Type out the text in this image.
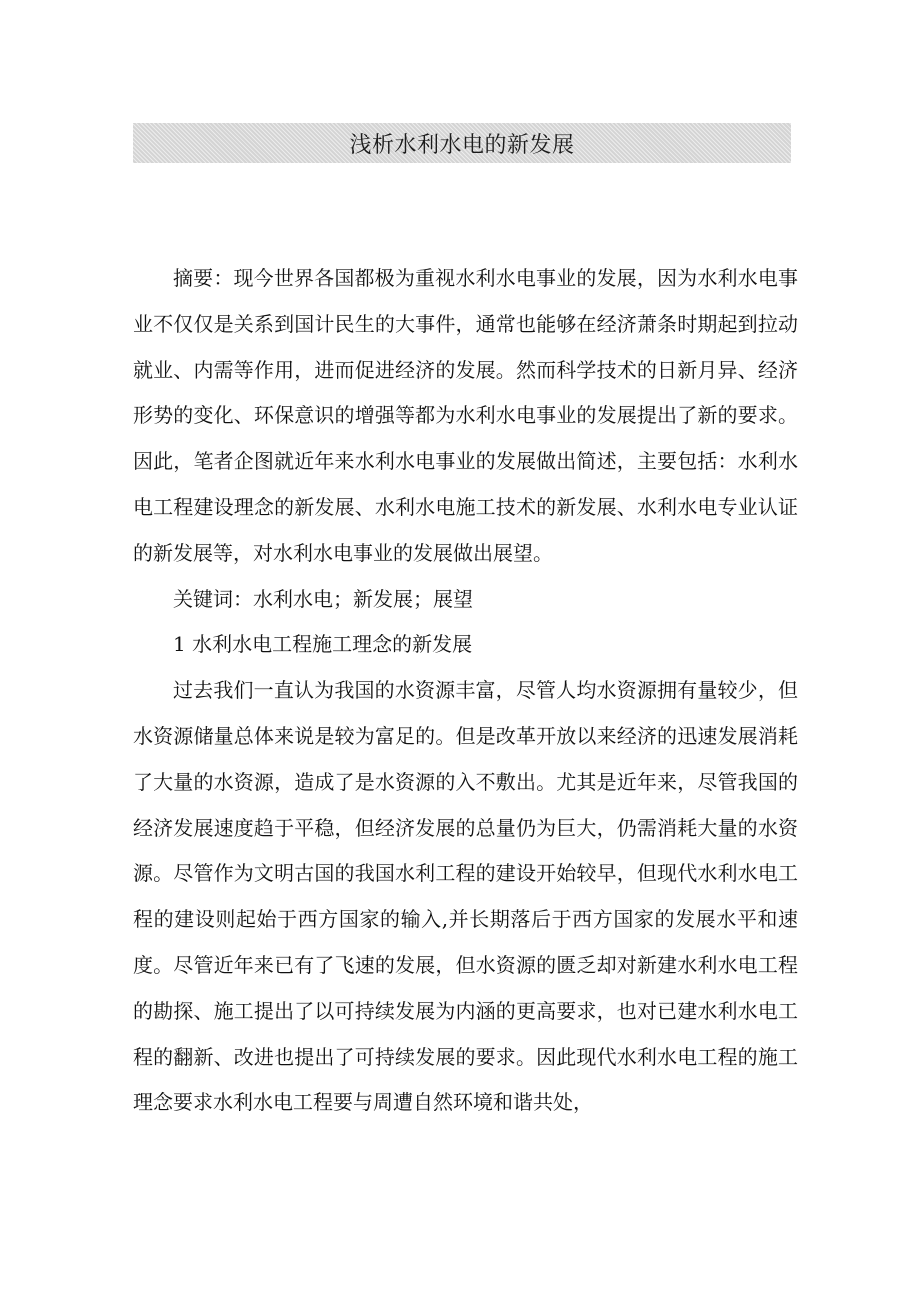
浅析水利水电的新发展

摘要：现今世界各国都极为重视水利水电事业的发展，因为水利水电事业不仅仅是关系到国计民生的大事件，通常也能够在经济萧条时期起到拉动就业、内需等作用，进而促进经济的发展。然而科学技术的日新月异、经济形势的变化、环保意识的增强等都为水利水电事业的发展提出了新的要求。因此，笔者企图就近年来水利水电事业的发展做出简述，主要包括：水利水电工程建设理念的新发展、水利水电施工技术的新发展、水利水电专业认证的新发展等，对水利水电事业的发展做出展望。

关键词：水利水电；新发展；展望

1 水利水电工程施工理念的新发展

过去我们一直认为我国的水资源丰富，尽管人均水资源拥有量较少，但水资源储量总体来说是较为富足的。但是改革开放以来经济的迅速发展消耗了大量的水资源，造成了是水资源的入不敷出。尤其是近年来，尽管我国的经济发展速度趋于平稳，但经济发展的总量仍为巨大，仍需消耗大量的水资源。尽管作为文明古国的我国水利工程的建设开始较早，但现代水利水电工程的建设则起始于西方国家的输入,并长期落后于西方国家的发展水平和速度。尽管近年来已有了飞速的发展，但水资源的匮乏却对新建水利水电工程的勘探、施工提出了以可持续发展为内涵的更高要求，也对已建水利水电工程的翻新、改进也提出了可持续发展的要求。因此现代水利水电工程的施工理念要求水利水电工程要与周遭自然环境和谐共处，
